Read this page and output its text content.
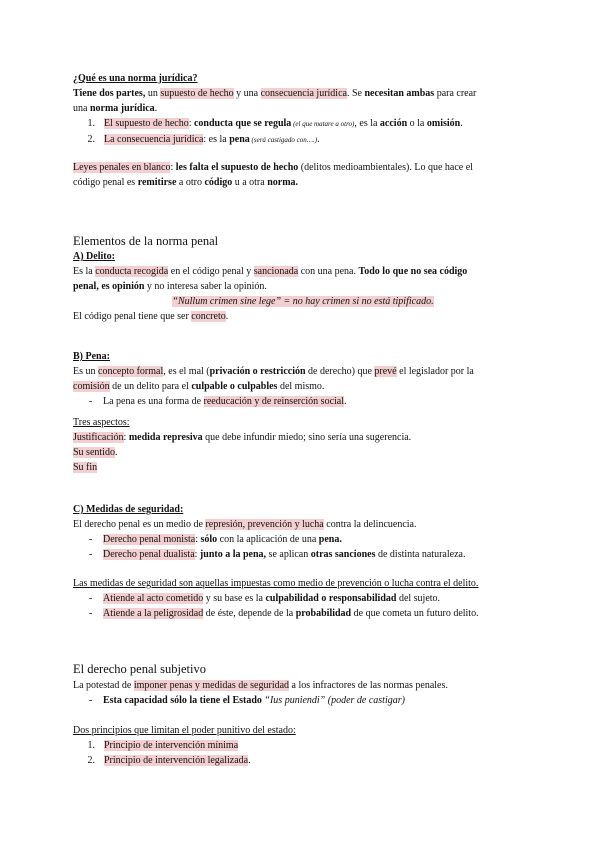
¿Qué es una norma jurídica?
Tiene dos partes, un supuesto de hecho y una consecuencia jurídica. Se necesitan ambas para crear
una norma jurídica.
1. El supuesto de hecho: conducta que se regula (el que matare a otro), es la acción o la omisión.
2. La consecuencia jurídica: es la pena (será castigado con….).
Leyes penales en blanco: les falta el supuesto de hecho (delitos medioambientales). Lo que hace el
código penal es remitirse a otro código u a otra norma.
Elementos de la norma penal
A) Delito:
Es la conducta recogida en el código penal y sancionada con una pena. Todo lo que no sea código
penal, es opinión y no interesa saber la opinión.
“Nullum crimen sine lege” = no hay crimen si no está tipificado.
El código penal tiene que ser concreto.
B) Pena:
Es un concepto formal, es el mal (privación o restricción de derecho) que prevé el legislador por la
comisión de un delito para el culpable o culpables del mismo.
-	La pena es una forma de reeducación y de reinserción social.
Tres aspectos:
Justificación: medida represiva que debe infundir miedo; sino sería una sugerencia.
Su sentido.
Su fin
C) Medidas de seguridad:
El derecho penal es un medio de represión, prevención y lucha contra la delincuencia.
-	Derecho penal monista: sólo con la aplicación de una pena.
-	Derecho penal dualista: junto a la pena, se aplican otras sanciones de distinta naturaleza.
Las medidas de seguridad son aquellas impuestas como medio de prevención o lucha contra el delito.
-	Atiende al acto cometido y su base es la culpabilidad o responsabilidad del sujeto.
-	Atiende a la peligrosidad de éste, depende de la probabilidad de que cometa un futuro delito.
El derecho penal subjetivo
La potestad de imponer penas y medidas de seguridad a los infractores de las normas penales.
-	Esta capacidad sólo la tiene el Estado “Ius puniendi” (poder de castigar)
Dos principios que limitan el poder punitivo del estado:
1. Principio de intervención mínima
2. Principio de intervención legalizada.
